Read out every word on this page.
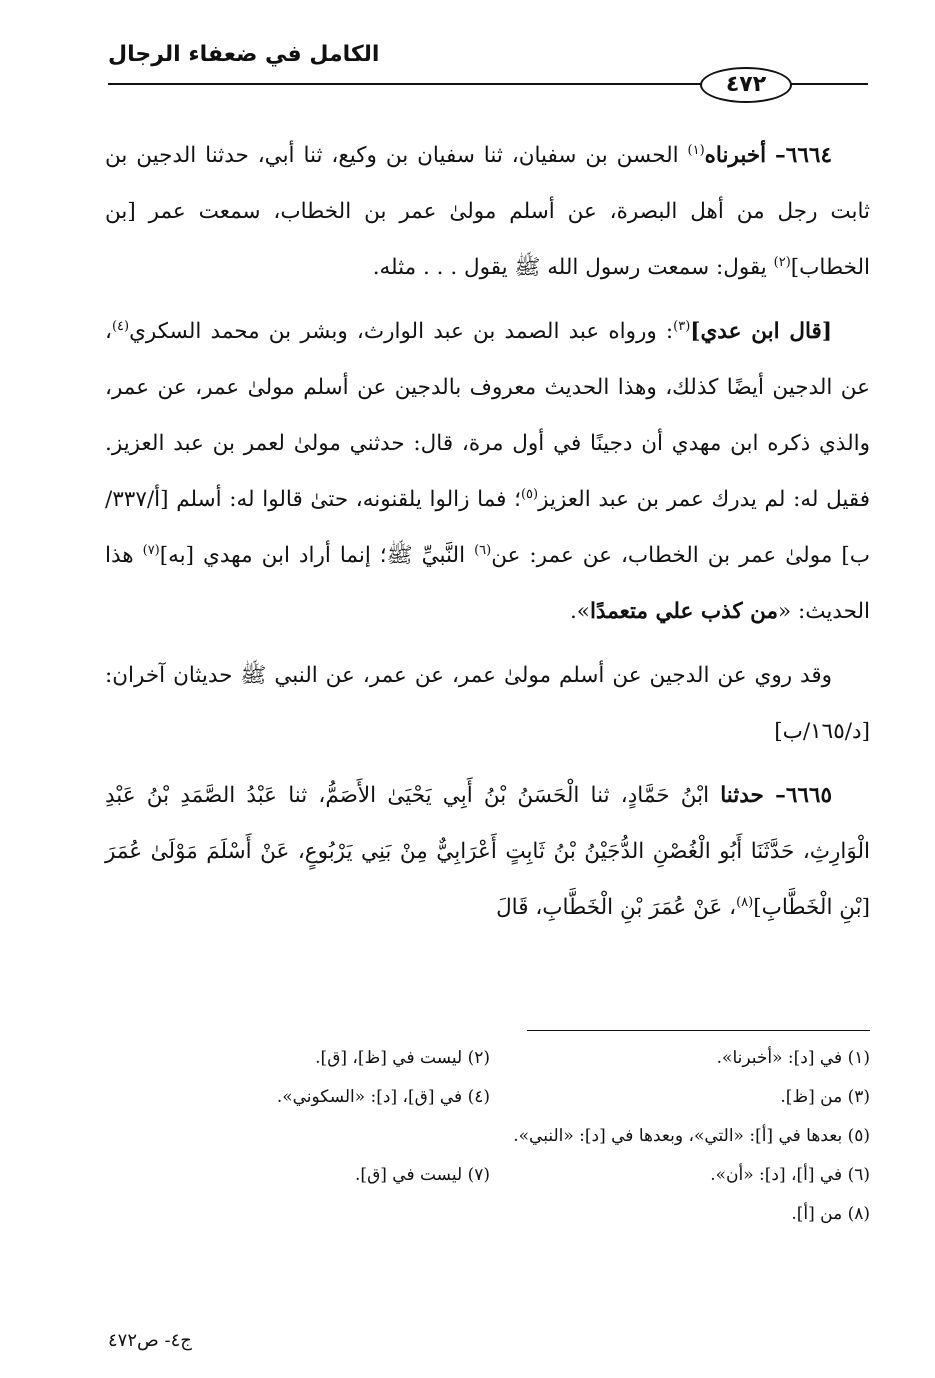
الكامل في ضعفاء الرجال
٤٧٢

٦٦٦٤– أخبرناه$^{(١)}$ الحسن بن سفيان، ثنا سفيان بن وكيع، ثنا أبي، حدثنا الدجين بن ثابت رجل من أهل البصرة، عن أسلم مولىٰ عمر بن الخطاب، سمعت عمر [بن الخطاب]$^{(٢)}$ يقول: سمعت رسول الله ﷺ يقول . . . مثله.

[قال ابن عدي]$^{(٣)}$: ورواه عبد الصمد بن عبد الوارث، وبشر بن محمد السكري$^{(٤)}$، عن الدجين أيضًا كذلك، وهذا الحديث معروف بالدجين عن أسلم مولىٰ عمر، عن عمر، والذي ذكره ابن مهدي أن دجينًا في أول مرة، قال: حدثني مولىٰ لعمر بن عبد العزيز. فقيل له: لم يدرك عمر بن عبد العزيز$^{(٥)}$؛ فما زالوا يلقنونه، حتىٰ قالوا له: أسلم [أ/٣٣٧/ب] مولىٰ عمر بن الخطاب، عن عمر: عن$^{(٦)}$ النَّبيِّ ﷺ؛ إنما أراد ابن مهدي [به]$^{(٧)}$ هذا الحديث: «من كذب علي متعمدًا».

وقد روي عن الدجين عن أسلم مولىٰ عمر، عن عمر، عن النبي ﷺ حديثان آخران: [د/١٦٥/ب]

٦٦٦٥– حدثنا ابْنُ حَمَّادٍ، ثنا الْحَسَنُ بْنُ أَبِي يَحْيَىٰ الأَصَمُّ، ثنا عَبْدُ الصَّمَدِ بْنُ عَبْدِ الْوَارِثِ، حَدَّثَنَا أَبُو الْغُصْنِ الدُّجَيْنُ بْنُ ثَابِتٍ أَعْرَابِيٌّ مِنْ بَنِي يَرْبُوعٍ، عَنْ أَسْلَمَ مَوْلَىٰ عُمَرَ [بْنِ الْخَطَّابِ]$^{(٨)}$، عَنْ عُمَرَ بْنِ الْخَطَّابِ، قَالَ

(١) في [د]: «أخبرنا».
(٢) ليست في [ظ]، [ق].
(٣) من [ظ].
(٤) في [ق]، [د]: «السكوني».
(٥) بعدها في [أ]: «التي»، وبعدها في [د]: «النبي».
(٦) في [أ]، [د]: «أن».
(٧) ليست في [ق].
(٨) من [أ].
ج٤- ص٤٧٢
